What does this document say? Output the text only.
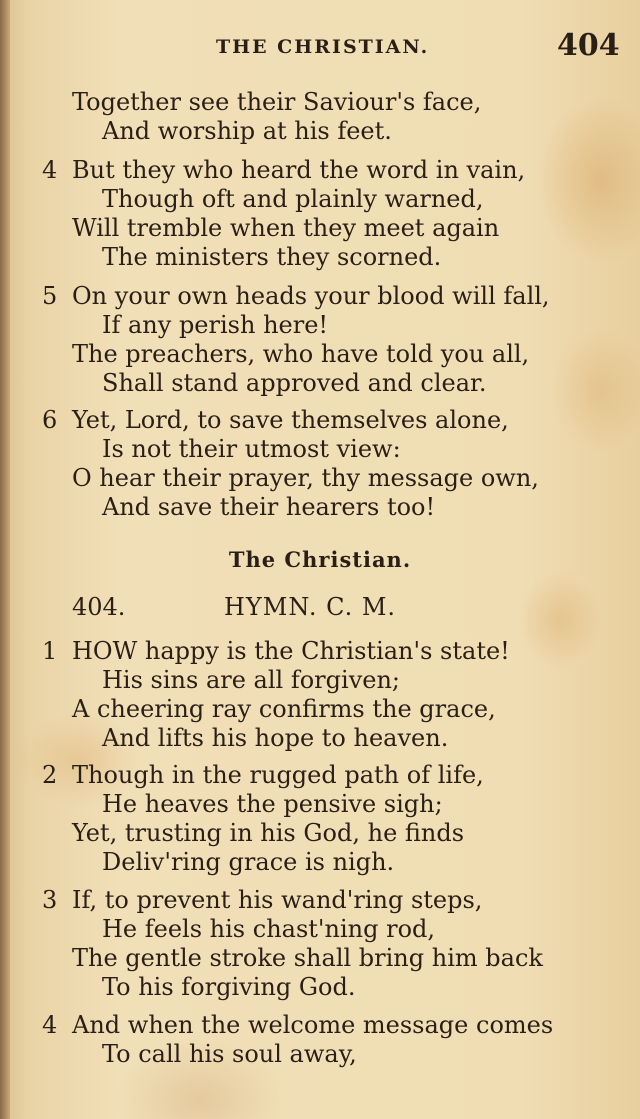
THE CHRISTIAN.	404
Together see their Saviour's face,
And worship at his feet.
4 But they who heard the word in vain,
Though oft and plainly warned,
Will tremble when they meet again
The ministers they scorned.
5 On your own heads your blood will fall,
If any perish here!
The preachers, who have told you all,
Shall stand approved and clear.
6 Yet, Lord, to save themselves alone,
Is not their utmost view:
O hear their prayer, thy message own,
And save their hearers too!
The Christian.
404.	HYMN. C. M.
1 HOW happy is the Christian's state!
His sins are all forgiven;
A cheering ray confirms the grace,
And lifts his hope to heaven.
2 Though in the rugged path of life,
He heaves the pensive sigh;
Yet, trusting in his God, he finds
Deliv'ring grace is nigh.
3 If, to prevent his wand'ring steps,
He feels his chast'ning rod,
The gentle stroke shall bring him back
To his forgiving God.
4 And when the welcome message comes
To call his soul away,
